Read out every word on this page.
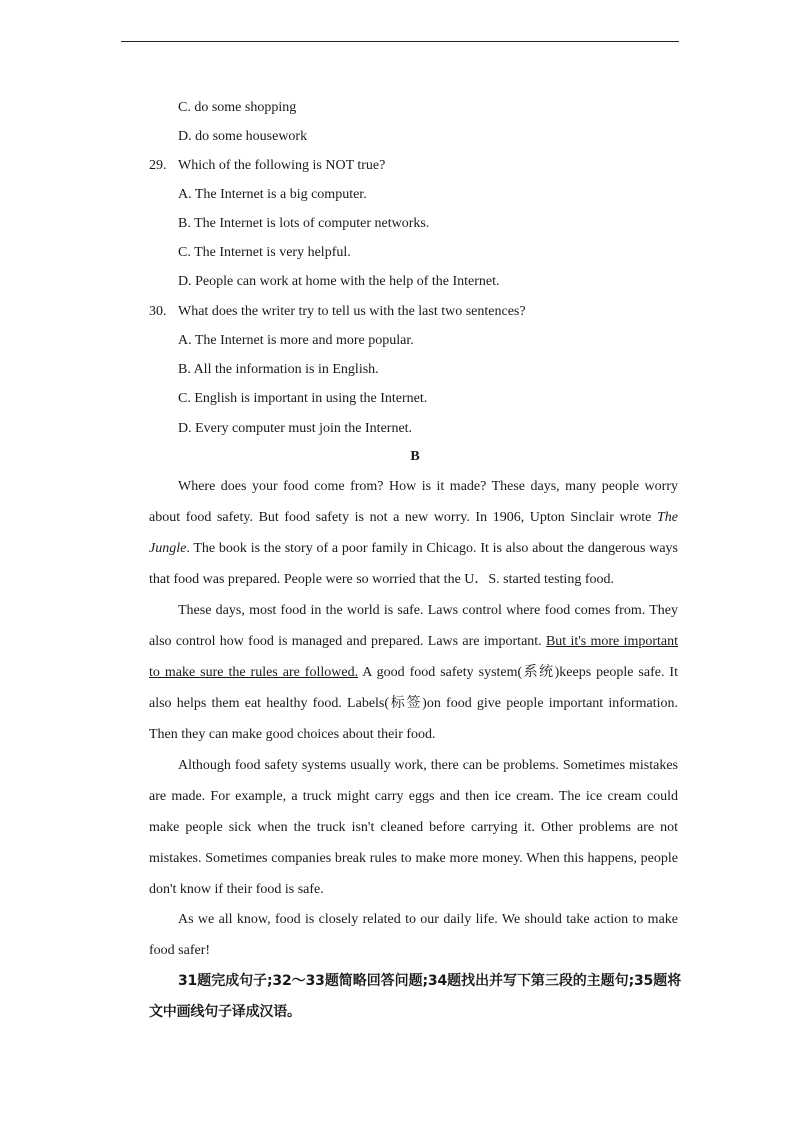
C. do some shopping
D. do some housework
29. Which of the following is NOT true?
A. The Internet is a big computer.
B. The Internet is lots of computer networks.
C. The Internet is very helpful.
D. People can work at home with the help of the Internet.
30. What does the writer try to tell us with the last two sentences?
A. The Internet is more and more popular.
B. All the information is in English.
C. English is important in using the Internet.
D. Every computer must join the Internet.
B

Where does your food come from? How is it made? These days, many people worry about food safety. But food safety is not a new worry. In 1906, Upton Sinclair wrote The Jungle. The book is the story of a poor family in Chicago. It is also about the dangerous ways that food was prepared. People were so worried that the U．S. started testing food.

These days, most food in the world is safe. Laws control where food comes from. They also control how food is managed and prepared. Laws are important. But it's more important to make sure the rules are followed. A good food safety system(系统)keeps people safe. It also helps them eat healthy food. Labels(标签)on food give people important information. Then they can make good choices about their food.

Although food safety systems usually work, there can be problems. Sometimes mistakes are made. For example, a truck might carry eggs and then ice cream. The ice cream could make people sick when the truck isn't cleaned before carrying it. Other problems are not mistakes. Sometimes companies break rules to make more money. When this happens, people don't know if their food is safe.

As we all know, food is closely related to our daily life. We should take action to make food safer!

31题完成句子;32～33题简略回答问题;34题找出并写下第三段的主题句;35题将文中画线句子译成汉语。
